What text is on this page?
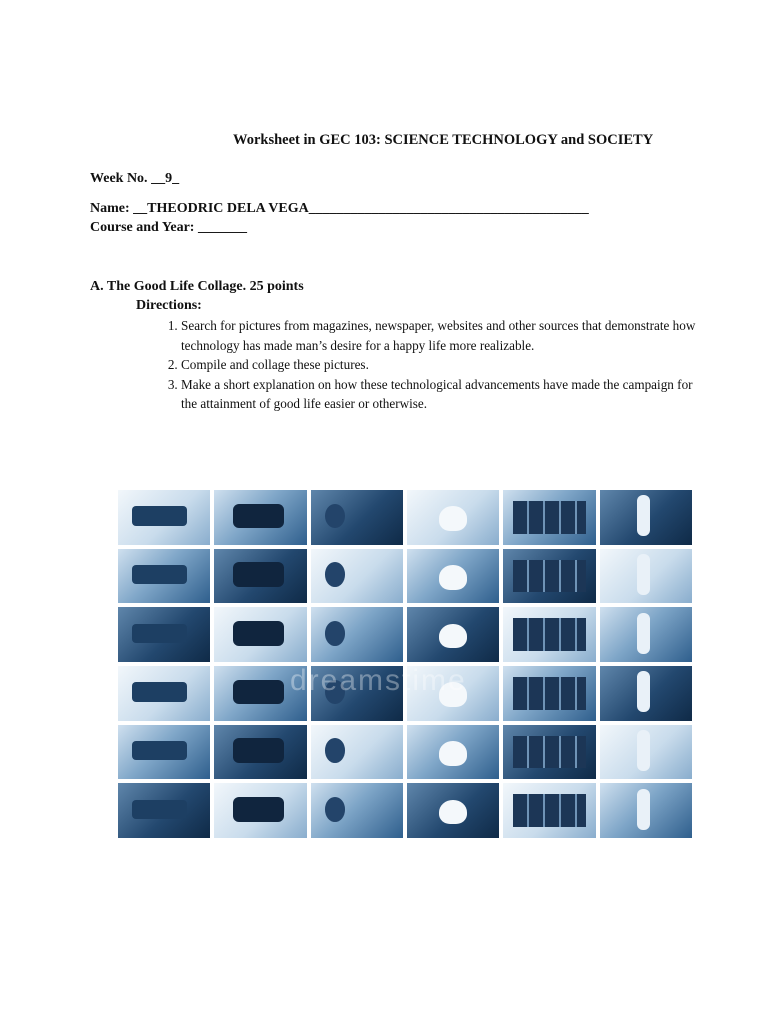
Worksheet in GEC 103: SCIENCE TECHNOLOGY and SOCIETY
Week No. __9_
Name: __THEODRIC DELA VEGA________________________________________
Course and Year: _______
A. The Good Life Collage. 25 points
Directions:
1. Search for pictures from magazines, newspaper, websites and other sources that demonstrate how technology has made man’s desire for a happy life more realizable.
2. Compile and collage these pictures.
3. Make a short explanation on how these technological advancements have made the campaign for the attainment of good life easier or otherwise.
dreamstime
